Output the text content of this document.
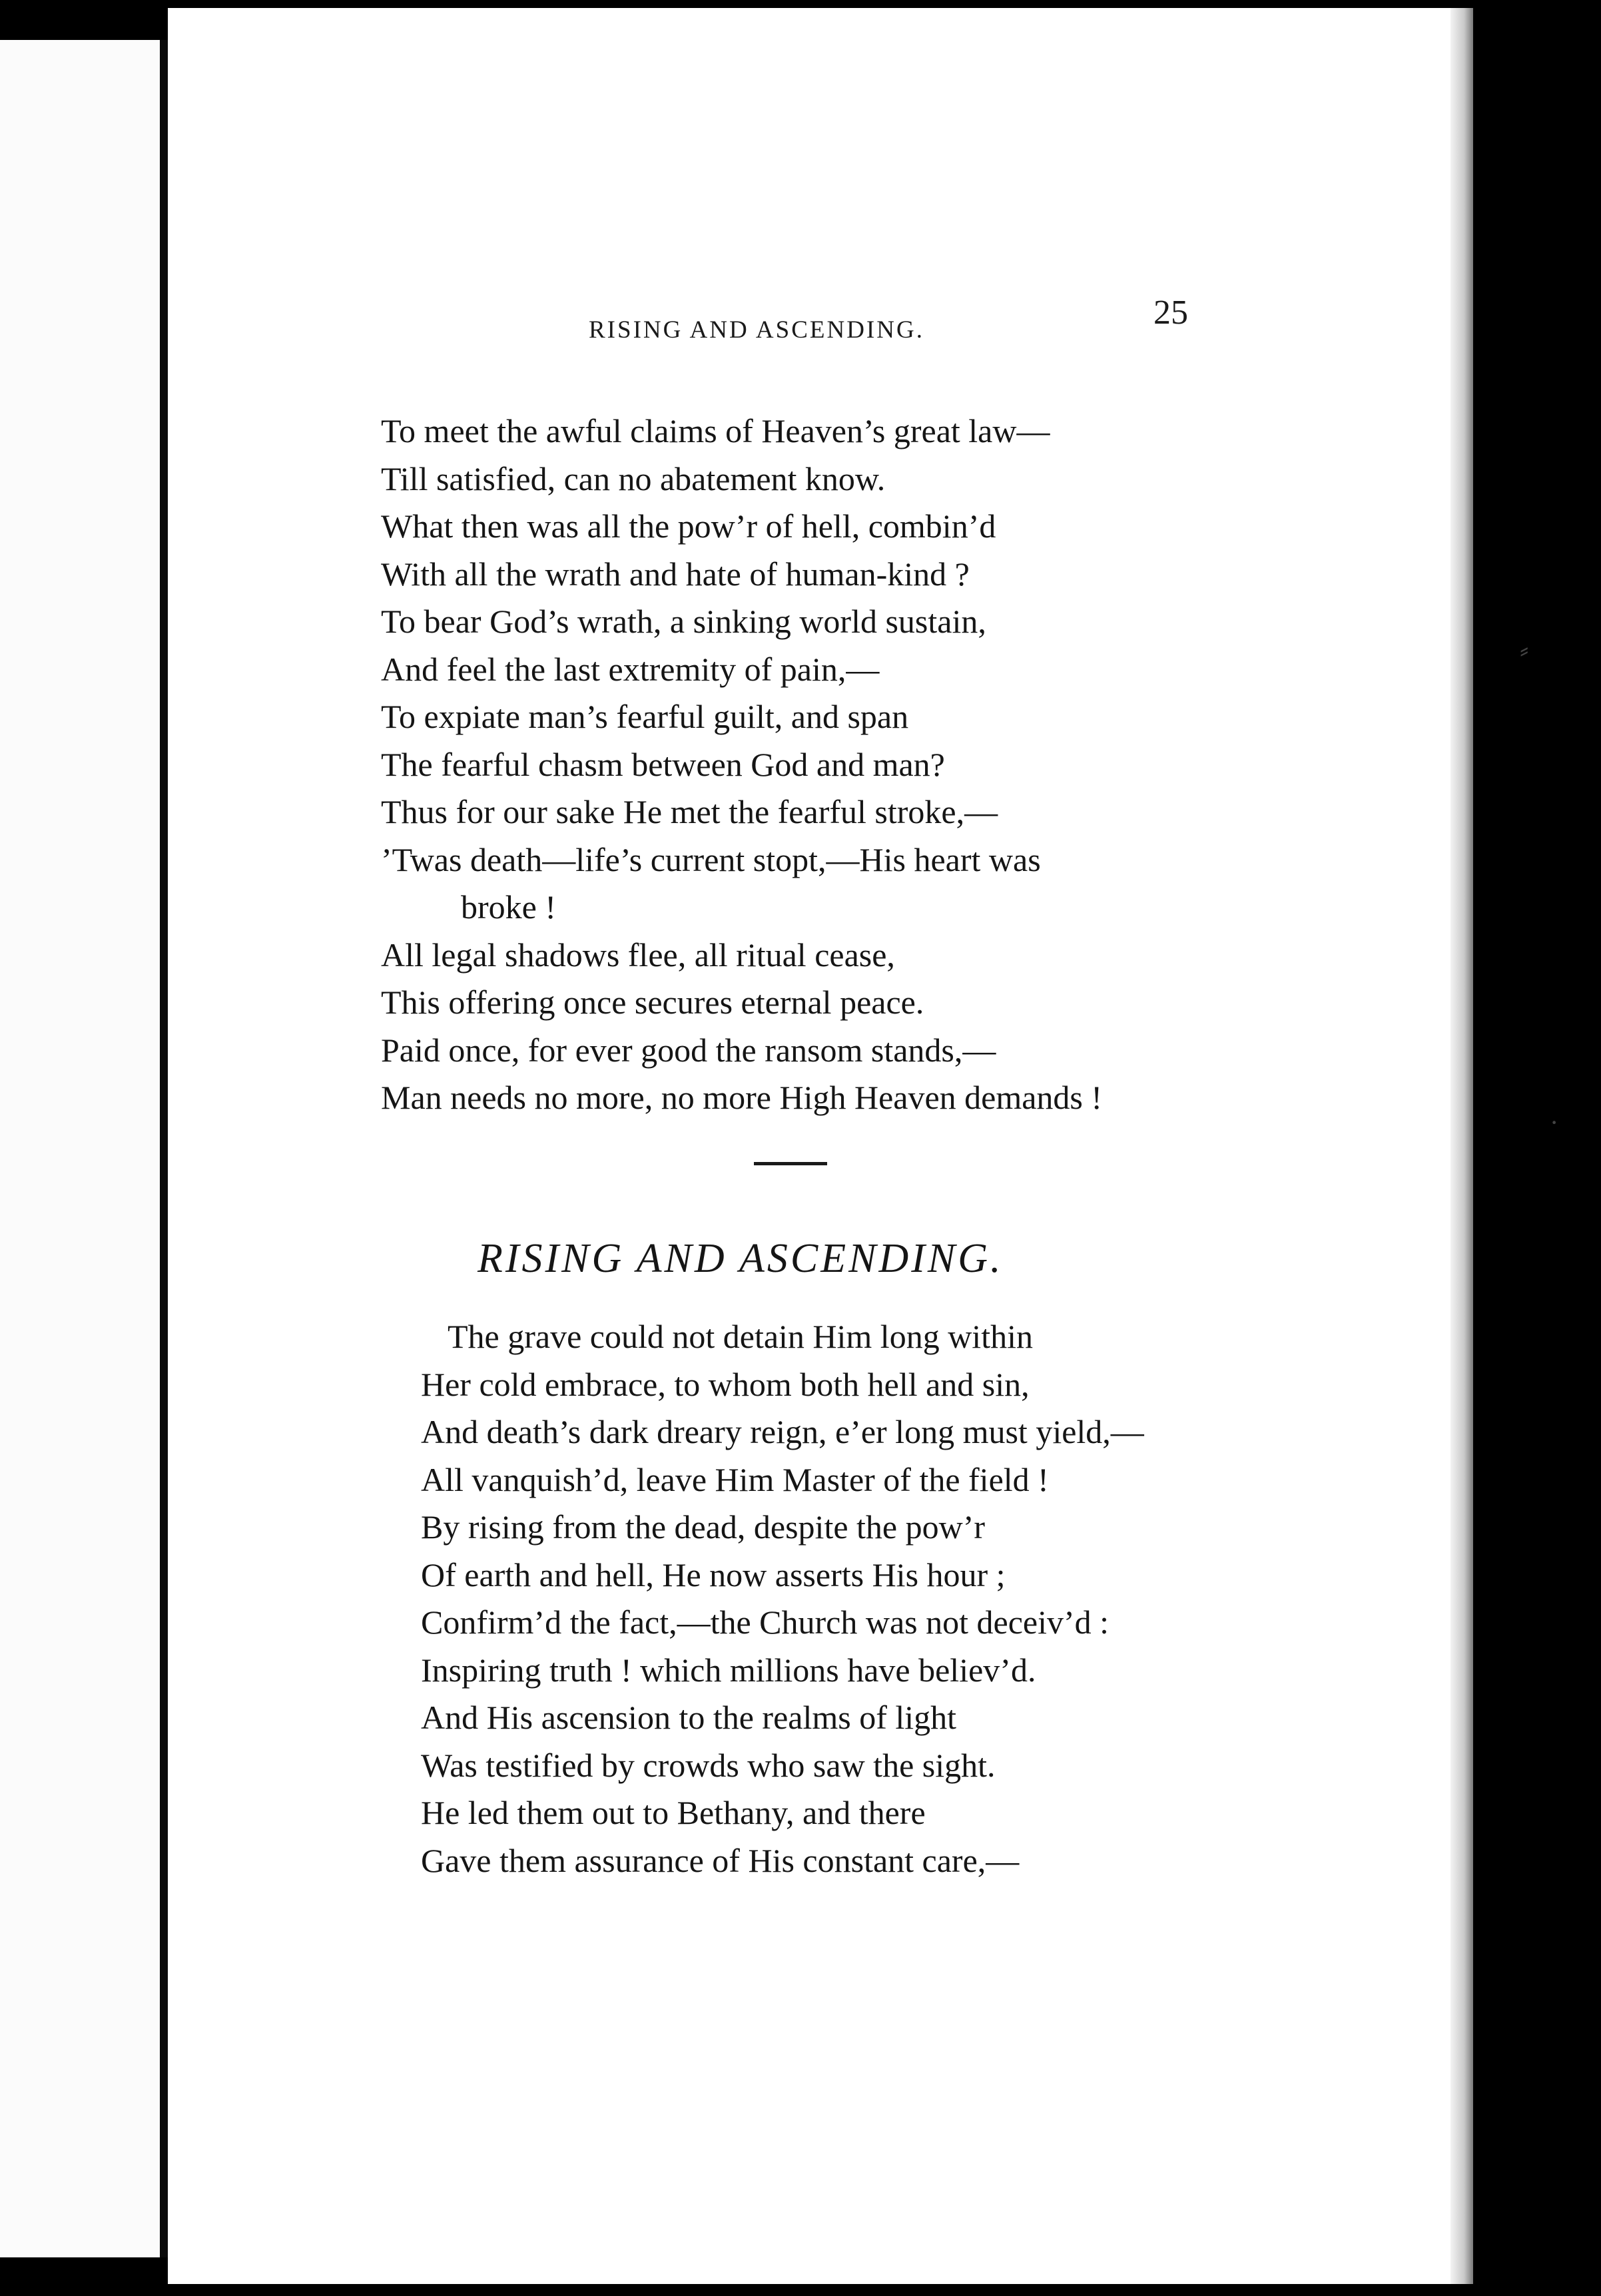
RISING AND ASCENDING.	25
To meet the awful claims of Heaven’s great law—
Till satisfied, can no abatement know.
What then was all the pow’r of hell, combin’d
With all the wrath and hate of human-kind ?
To bear God’s wrath, a sinking world sustain,
And feel the last extremity of pain,—
To expiate man’s fearful guilt, and span
The fearful chasm between God and man?
Thus for our sake He met the fearful stroke,—
’Twas death—life’s current stopt,—His heart was
broke !
All legal shadows flee, all ritual cease,
This offering once secures eternal peace.
Paid once, for ever good the ransom stands,—
Man needs no more, no more High Heaven demands !
RISING AND ASCENDING.
The grave could not detain Him long within
Her cold embrace, to whom both hell and sin,
And death’s dark dreary reign, e’er long must yield,—
All vanquish’d, leave Him Master of the field !
By rising from the dead, despite the pow’r
Of earth and hell, He now asserts His hour ;
Confirm’d the fact,—the Church was not deceiv’d :
Inspiring truth ! which millions have believ’d.
And His ascension to the realms of light
Was testified by crowds who saw the sight.
He led them out to Bethany, and there
Gave them assurance of His constant care,—
⸗
·
